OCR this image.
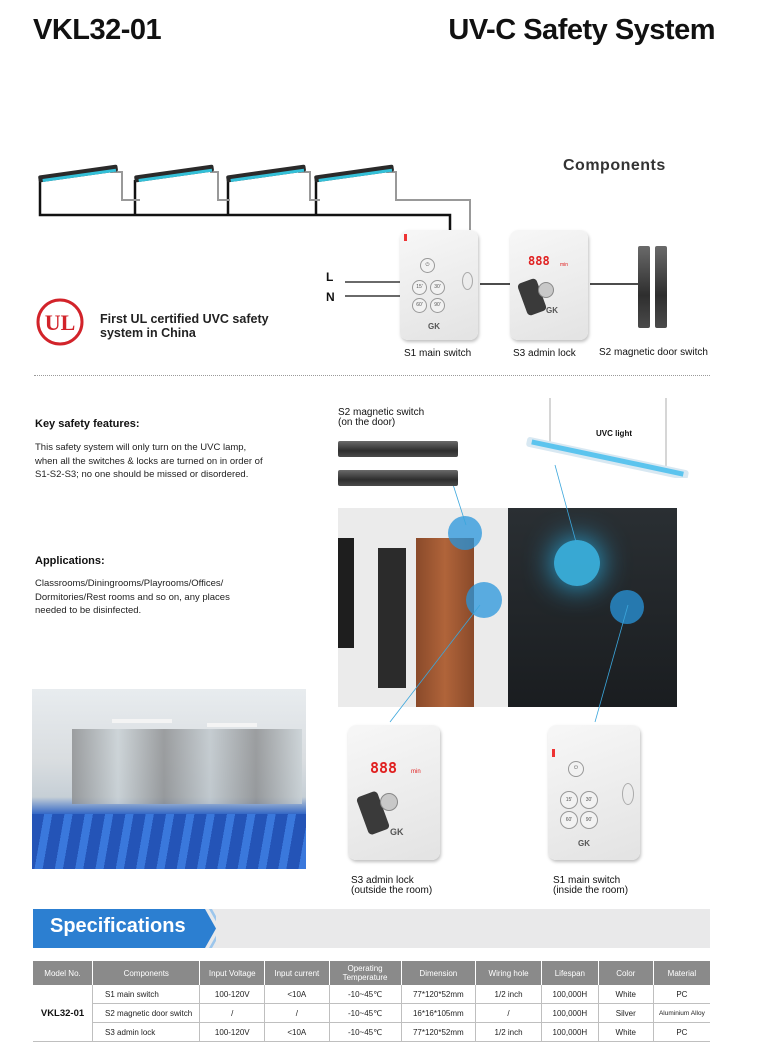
VKL32-01	UV-C Safety System
L
N
Components
⏻
15'	30'
60'	90'
GK
S1 main switch
888 min
GK
S3 admin lock S2 magnetic door switch
UL First UL certified UVC safety system in China
Key safety features:
This safety system will only turn on the UVC lamp, when all the switches & locks are turned on in order of S1-S2-S3; no one should be missed or disordered.
Applications:
Classrooms/Diningrooms/Playrooms/Offices/ Dormitories/Rest rooms and so on, any places needed to be disinfected.
S2 magnetic switch
(on the door)
UVC light
888 min
GK
S3 admin lock
(outside the room)
⏻
15'	30'
60'	90'
GK
S1 main switch
(inside the room)
Specifications
Model No.	Components	Input Voltage	Input current	Operating Temperature	Dimension	Wiring hole	Lifespan	Color	Material
VKL32-01	S1 main switch	100-120V	<10A	-10~45℃	77*120*52mm	1/2 inch	100,000H	White	PC
	S2 magnetic door switch	/	/	-10~45℃	16*16*105mm	/	100,000H	Silver	Aluminium Alloy
	S3 admin lock	100-120V	<10A	-10~45℃	77*120*52mm	1/2 inch	100,000H	White	PC
